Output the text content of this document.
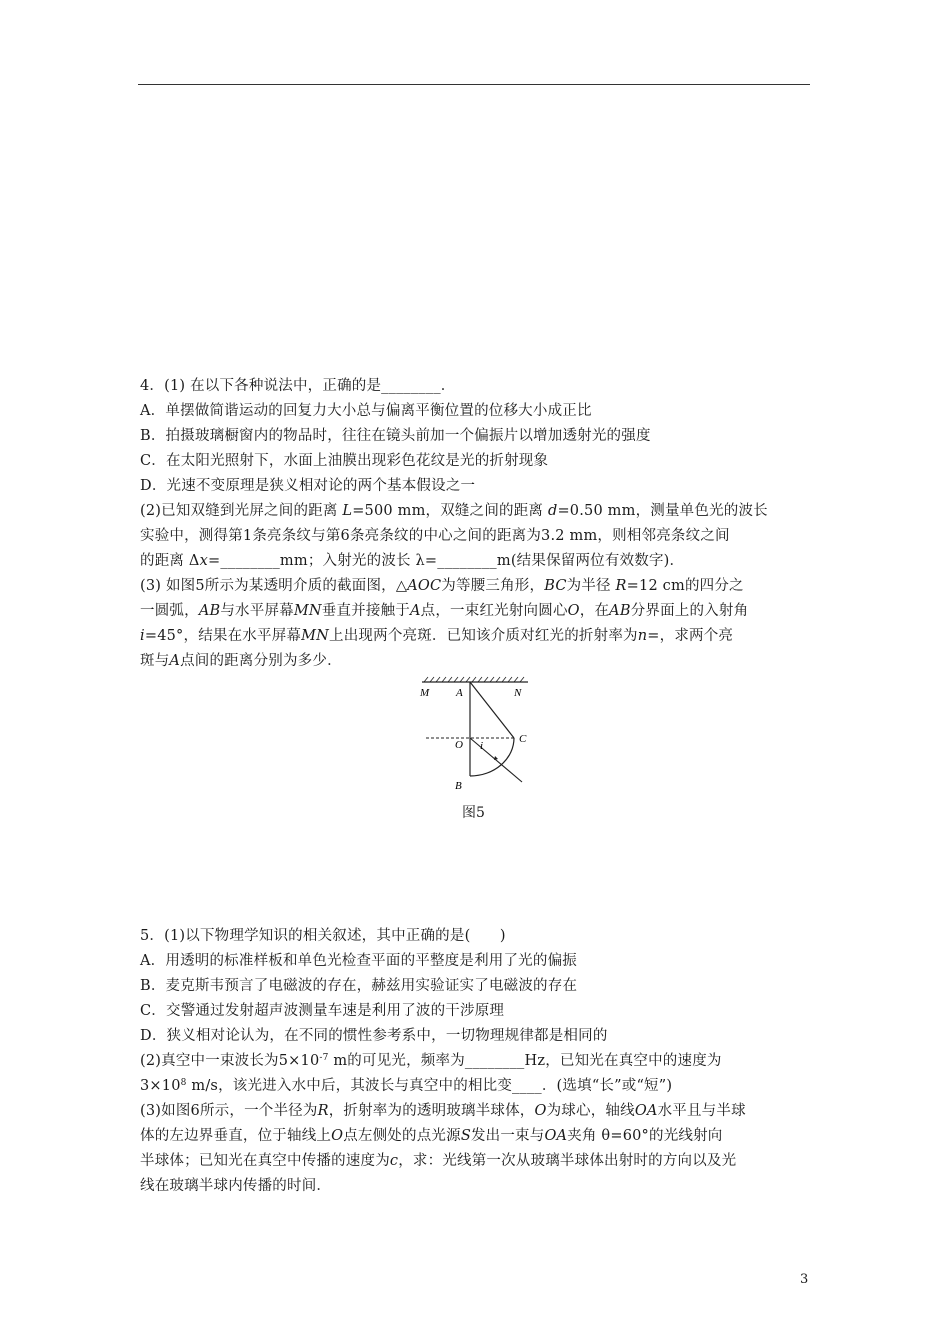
4．(1) 在以下各种说法中，正确的是________．
A．单摆做简谐运动的回复力大小总与偏离平衡位置的位移大小成正比
B．拍摄玻璃橱窗内的物品时，往往在镜头前加一个偏振片以增加透射光的强度
C．在太阳光照射下，水面上油膜出现彩色花纹是光的折射现象
D．光速不变原理是狭义相对论的两个基本假设之一
(2)已知双缝到光屏之间的距离 L=500 mm，双缝之间的距离 d=0.50 mm，测量单色光的波长
实验中，测得第1条亮条纹与第6条亮条纹的中心之间的距离为3.2 mm，则相邻亮条纹之间
的距离 Δx=________mm；入射光的波长 λ=________m(结果保留两位有效数字)．
(3) 如图5所示为某透明介质的截面图，△AOC为等腰三角形，BC为半径 R=12 cm的四分之
一圆弧，AB与水平屏幕MN垂直并接触于A点，一束红光射向圆心O，在AB分界面上的入射角
i=45°，结果在水平屏幕MN上出现两个亮斑．已知该介质对红光的折射率为n=，求两个亮
斑与A点间的距离分别为多少．
M A	N
O i
C
B
图5
5．(1)以下物理学知识的相关叙述，其中正确的是(　　)
A．用透明的标准样板和单色光检查平面的平整度是利用了光的偏振
B．麦克斯韦预言了电磁波的存在，赫兹用实验证实了电磁波的存在
C．交警通过发射超声波测量车速是利用了波的干涉原理
D．狭义相对论认为，在不同的惯性参考系中，一切物理规律都是相同的
(2)真空中一束波长为$5\times 10^{-7}$ m的可见光，频率为________Hz，已知光在真空中的速度为
$3\times 10^8$ m/s，该光进入水中后，其波长与真空中的相比变____．(选填“长”或“短”)
(3)如图6所示，一个半径为R，折射率为的透明玻璃半球体，O为球心，轴线OA水平且与半球
体的左边界垂直，位于轴线上O点左侧处的点光源S发出一束与OA夹角 θ=60°的光线射向
半球体；已知光在真空中传播的速度为c，求：光线第一次从玻璃半球体出射时的方向以及光
线在玻璃半球内传播的时间．
3
